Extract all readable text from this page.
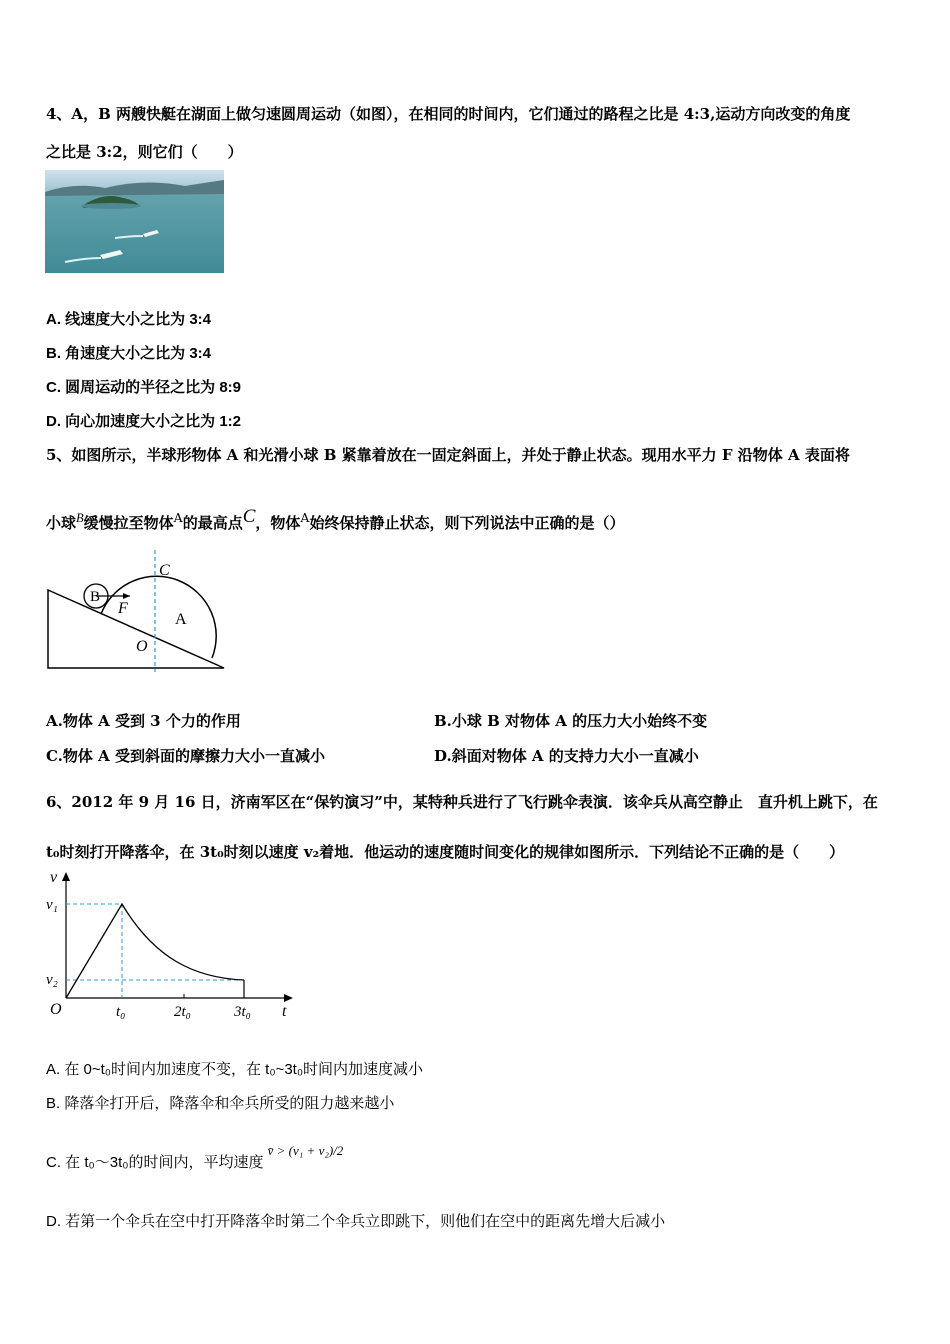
4、A，B 两艘快艇在湖面上做匀速圆周运动（如图），在相同的时间内，它们通过的路程之比是 4:3,运动方向改变的角度
之比是 3:2，则它们（　　）
A. 线速度大小之比为 3:4
B. 角速度大小之比为 3:4
C. 圆周运动的半径之比为 8:9
D. 向心加速度大小之比为 1:2
5、如图所示，半球形物体 A 和光滑小球 B 紧靠着放在一固定斜面上，并处于静止状态。现用水平力 F 沿物体 A 表面将
小球$^B$缓慢拉至物体$^A$的最高点$^C$，物体$^A$始终保持静止状态，则下列说法中正确的是（）
B
F
C
A
O
A.物体 A 受到 3 个力的作用	B.小球 B 对物体 A 的压力大小始终不变
C.物体 A 受到斜面的摩擦力大小一直减小	D.斜面对物体 A 的支持力大小一直减小
6、2012 年 9 月 16 日，济南军区在“保钓演习”中，某特种兵进行了飞行跳伞表演．该伞兵从高空静止　直升机上跳下，在
t₀时刻打开降落伞，在 3t₀时刻以速度 v₂着地．他运动的速度随时间变化的规律如图所示．下列结论不正确的是（　　）
v
t
O
v₁
v₂
t₀	2t₀	3t₀
A. 在 0~t₀时间内加速度不变，在 t₀~3t₀时间内加速度减小
B. 降落伞打开后，降落伞和伞兵所受的阻力越来越小
C. 在 t₀～3t₀的时间内，平均速度 v̄ > (v₁ + v₂)/2
D. 若第一个伞兵在空中打开降落伞时第二个伞兵立即跳下，则他们在空中的距离先增大后减小
